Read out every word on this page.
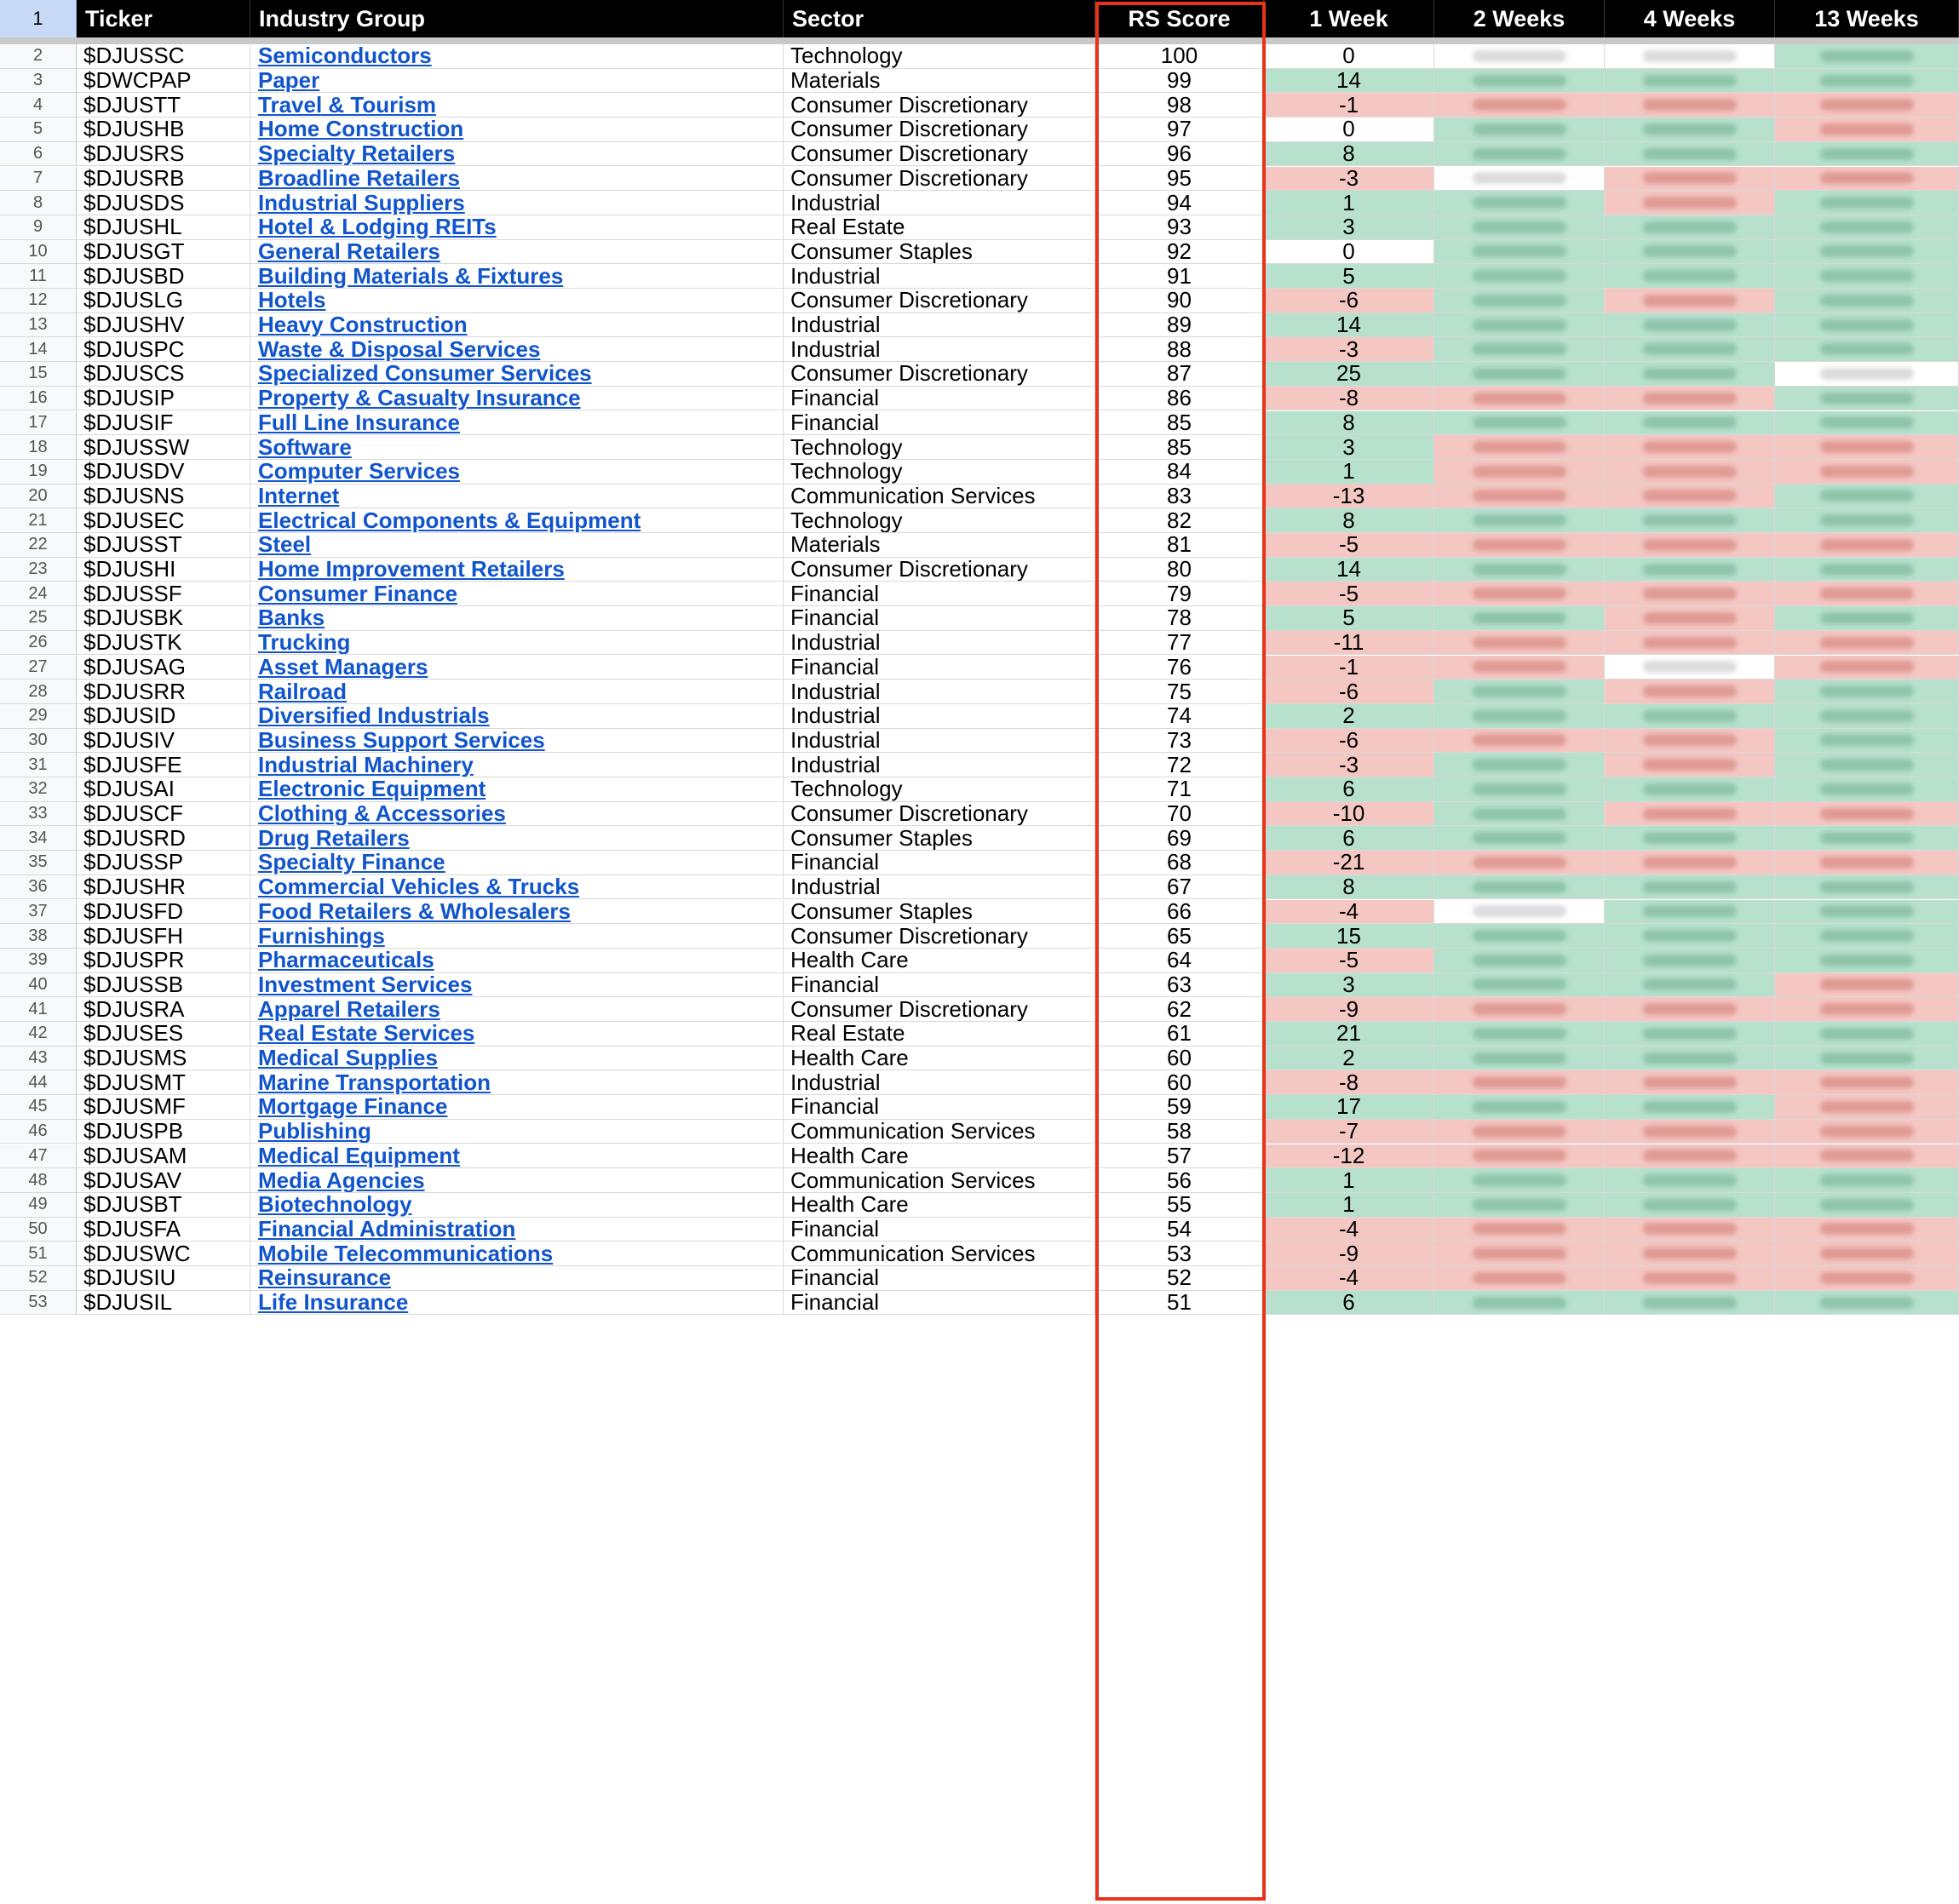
1	Ticker	Industry Group	Sector	RS Score	1 Week	2 Weeks	4 Weeks	13 Weeks
2	$DJUSSC	Semiconductors	Technology	100	0
3	$DWCPAP	Paper	Materials	99	14
4	$DJUSTT	Travel & Tourism	Consumer Discretionary	98	-1
5	$DJUSHB	Home Construction	Consumer Discretionary	97	0
6	$DJUSRS	Specialty Retailers	Consumer Discretionary	96	8
7	$DJUSRB	Broadline Retailers	Consumer Discretionary	95	-3
8	$DJUSDS	Industrial Suppliers	Industrial	94	1
9	$DJUSHL	Hotel & Lodging REITs	Real Estate	93	3
10	$DJUSGT	General Retailers	Consumer Staples	92	0
11	$DJUSBD	Building Materials & Fixtures	Industrial	91	5
12	$DJUSLG	Hotels	Consumer Discretionary	90	-6
13	$DJUSHV	Heavy Construction	Industrial	89	14
14	$DJUSPC	Waste & Disposal Services	Industrial	88	-3
15	$DJUSCS	Specialized Consumer Services	Consumer Discretionary	87	25
16	$DJUSIP	Property & Casualty Insurance	Financial	86	-8
17	$DJUSIF	Full Line Insurance	Financial	85	8
18	$DJUSSW	Software	Technology	85	3
19	$DJUSDV	Computer Services	Technology	84	1
20	$DJUSNS	Internet	Communication Services	83	-13
21	$DJUSEC	Electrical Components & Equipment	Technology	82	8
22	$DJUSST	Steel	Materials	81	-5
23	$DJUSHI	Home Improvement Retailers	Consumer Discretionary	80	14
24	$DJUSSF	Consumer Finance	Financial	79	-5
25	$DJUSBK	Banks	Financial	78	5
26	$DJUSTK	Trucking	Industrial	77	-11
27	$DJUSAG	Asset Managers	Financial	76	-1
28	$DJUSRR	Railroad	Industrial	75	-6
29	$DJUSID	Diversified Industrials	Industrial	74	2
30	$DJUSIV	Business Support Services	Industrial	73	-6
31	$DJUSFE	Industrial Machinery	Industrial	72	-3
32	$DJUSAI	Electronic Equipment	Technology	71	6
33	$DJUSCF	Clothing & Accessories	Consumer Discretionary	70	-10
34	$DJUSRD	Drug Retailers	Consumer Staples	69	6
35	$DJUSSP	Specialty Finance	Financial	68	-21
36	$DJUSHR	Commercial Vehicles & Trucks	Industrial	67	8
37	$DJUSFD	Food Retailers & Wholesalers	Consumer Staples	66	-4
38	$DJUSFH	Furnishings	Consumer Discretionary	65	15
39	$DJUSPR	Pharmaceuticals	Health Care	64	-5
40	$DJUSSB	Investment Services	Financial	63	3
41	$DJUSRA	Apparel Retailers	Consumer Discretionary	62	-9
42	$DJUSES	Real Estate Services	Real Estate	61	21
43	$DJUSMS	Medical Supplies	Health Care	60	2
44	$DJUSMT	Marine Transportation	Industrial	60	-8
45	$DJUSMF	Mortgage Finance	Financial	59	17
46	$DJUSPB	Publishing	Communication Services	58	-7
47	$DJUSAM	Medical Equipment	Health Care	57	-12
48	$DJUSAV	Media Agencies	Communication Services	56	1
49	$DJUSBT	Biotechnology	Health Care	55	1
50	$DJUSFA	Financial Administration	Financial	54	-4
51	$DJUSWC	Mobile Telecommunications	Communication Services	53	-9
52	$DJUSIU	Reinsurance	Financial	52	-4
53	$DJUSIL	Life Insurance	Financial	51	6
